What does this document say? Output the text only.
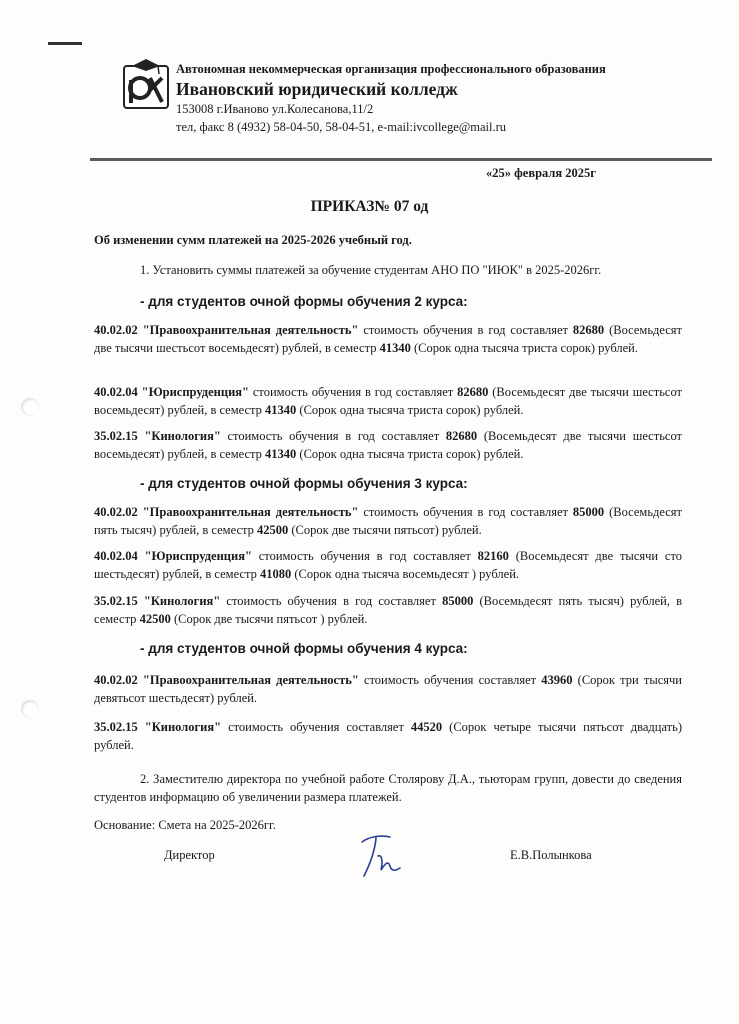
Автономная некоммерческая организация профессионального образования
Ивановский юридический колледж
153008 г.Иваново ул.Колесанова,11/2
тел, факс 8 (4932) 58-04-50, 58-04-51, e-mail:ivcollege@mail.ru
«25» февраля 2025г
ПРИКАЗ№ 07 од
Об изменении сумм платежей на 2025-2026 учебный год.
1. Установить суммы платежей за обучение студентам АНО ПО "ИЮК" в 2025-2026гг.
- для студентов очной формы обучения 2 курса:
40.02.02 "Правоохранительная деятельность" стоимость обучения в год составляет 82680 (Восемьдесят две тысячи шестьсот восемьдесят) рублей, в семестр 41340 (Сорок одна тысяча триста сорок) рублей.
40.02.04 "Юриспруденция" стоимость обучения в год составляет 82680 (Восемьдесят две тысячи шестьсот восемьдесят) рублей, в семестр 41340 (Сорок одна тысяча триста сорок) рублей.
35.02.15 "Кинология" стоимость обучения в год составляет 82680 (Восемьдесят две тысячи шестьсот восемьдесят) рублей, в семестр 41340 (Сорок одна тысяча триста сорок) рублей.
- для студентов очной формы обучения 3 курса:
40.02.02 "Правоохранительная деятельность" стоимость обучения в год составляет 85000 (Восемьдесят пять тысяч) рублей, в семестр 42500 (Сорок две тысячи пятьсот) рублей.
40.02.04 "Юриспруденция" стоимость обучения в год составляет 82160 (Восемьдесят две тысячи сто шестьдесят) рублей, в семестр 41080 (Сорок одна тысяча восемьдесят ) рублей.
35.02.15 "Кинология" стоимость обучения в год составляет 85000 (Восемьдесят пять тысяч) рублей, в семестр 42500 (Сорок две тысячи пятьсот ) рублей.
- для студентов очной формы обучения 4 курса:
40.02.02 "Правоохранительная деятельность" стоимость обучения составляет 43960 (Сорок три тысячи девятьсот шестьдесят) рублей.
35.02.15 "Кинология" стоимость обучения составляет 44520 (Сорок четыре тысячи пятьсот двадцать) рублей.
2. Заместителю директора по учебной работе Столярову Д.А., тьюторам групп, довести до сведения студентов информацию об увеличении размера платежей.
Основание: Смета на 2025-2026гг.
Директор	Е.В.Полынкова
